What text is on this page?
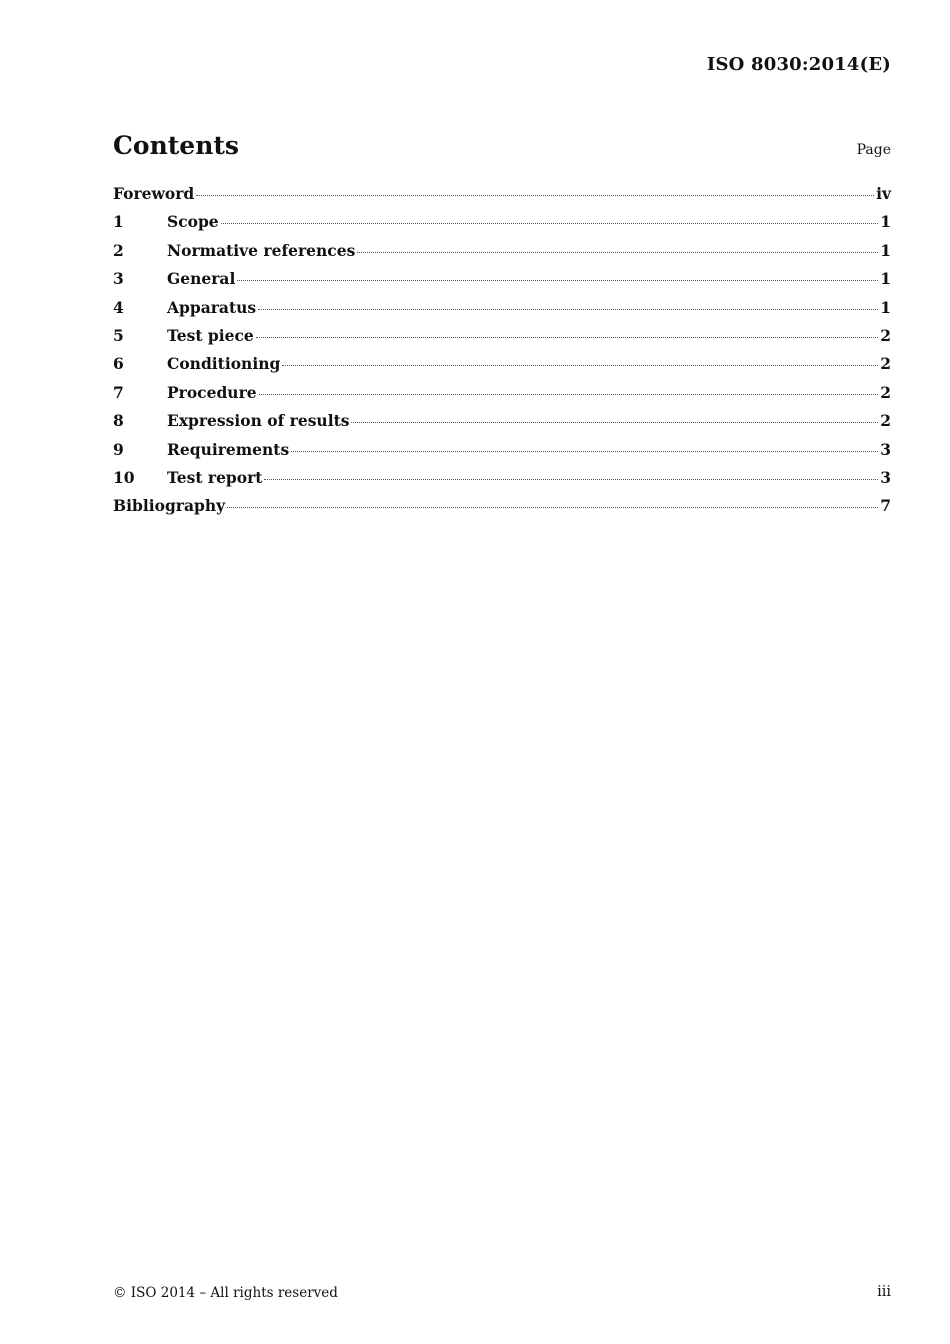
ISO 8030:2014(E)
Contents	Page
Foreword	iv
1	Scope	1
2	Normative references	1
3	General	1
4	Apparatus	1
5	Test piece	2
6	Conditioning	2
7	Procedure	2
8	Expression of results	2
9	Requirements	3
10	Test report	3
Bibliography	7
© ISO 2014 – All rights reserved	iii
